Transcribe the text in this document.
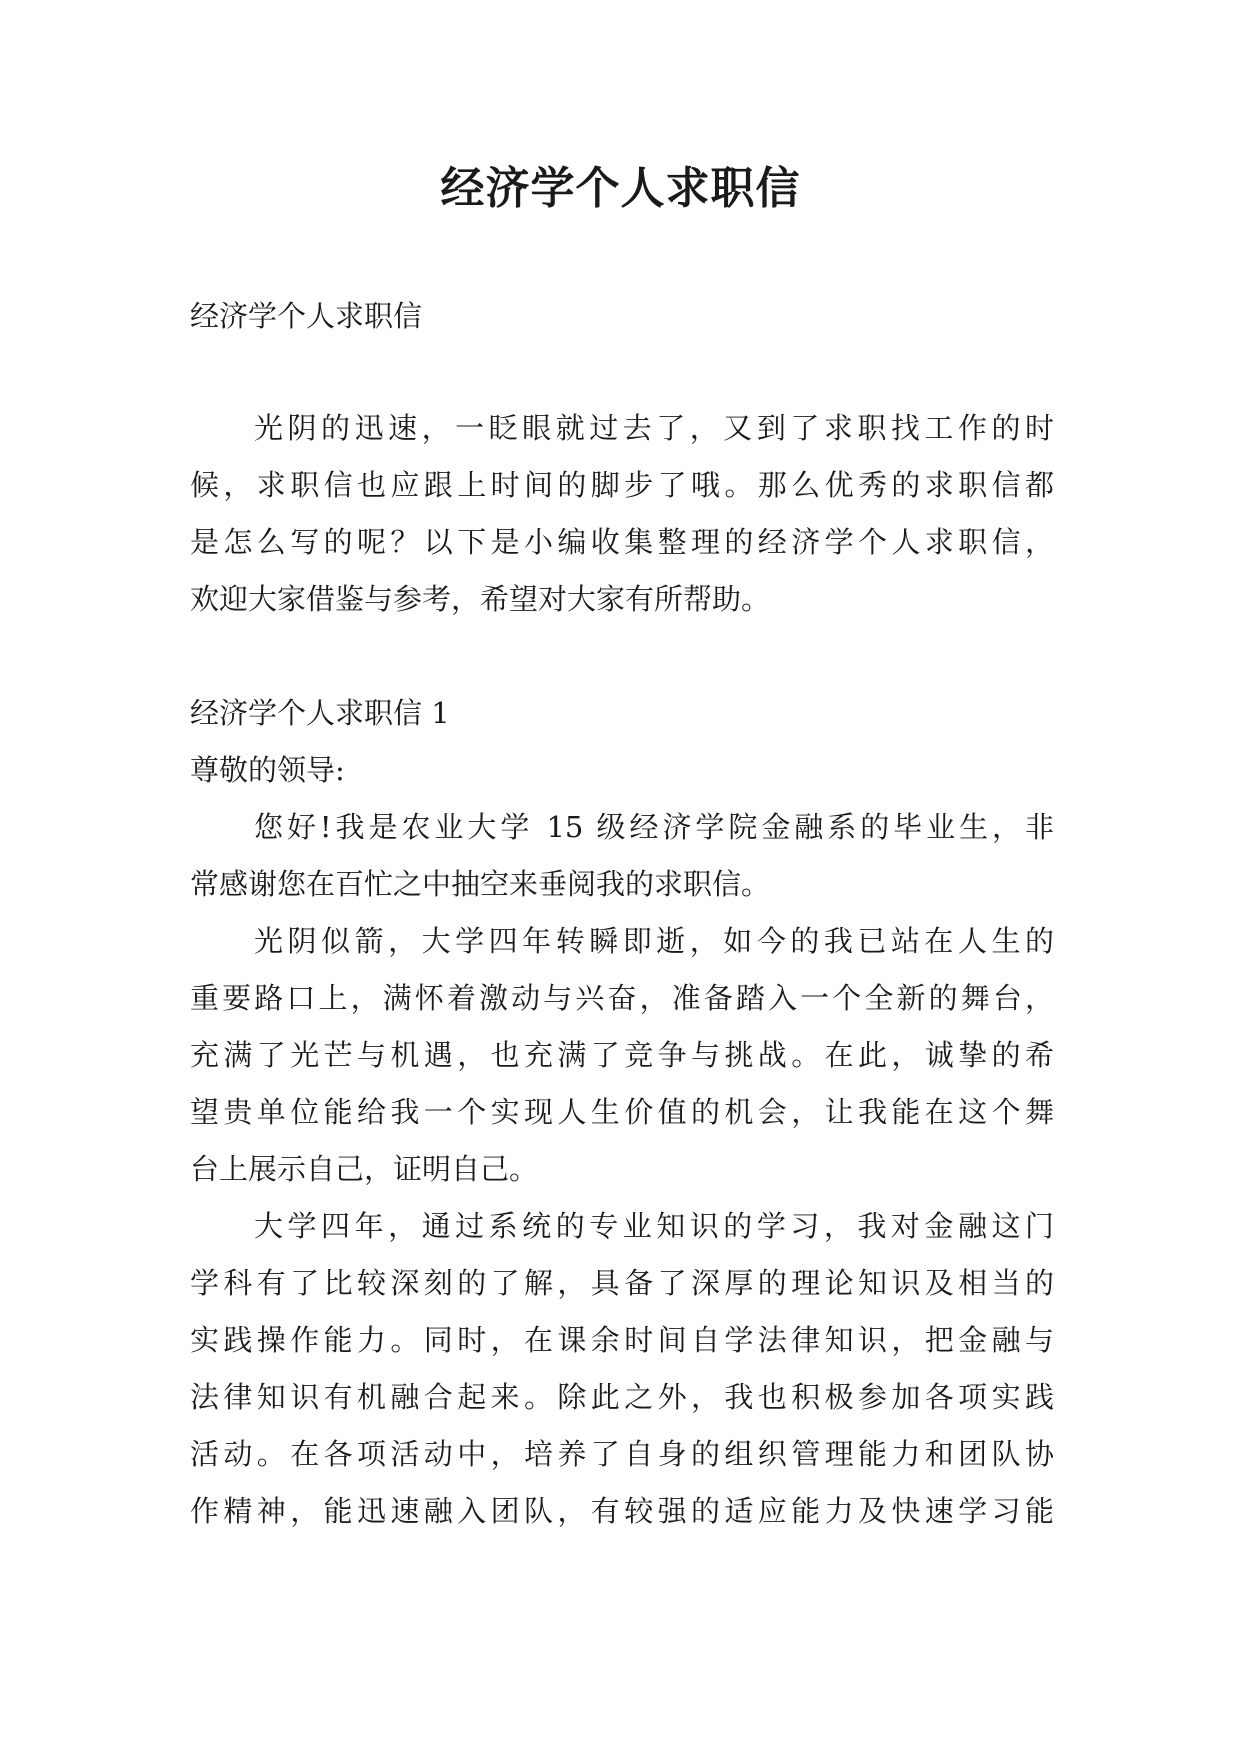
经济学个人求职信

经济学个人求职信

光阴的迅速，一眨眼就过去了，又到了求职找工作的时

候，求职信也应跟上时间的脚步了哦。那么优秀的求职信都

是怎么写的呢？以下是小编收集整理的经济学个人求职信，

欢迎大家借鉴与参考，希望对大家有所帮助。

经济学个人求职信 1

尊敬的领导:

您好!我是农业大学 15 级经济学院金融系的毕业生，非

常感谢您在百忙之中抽空来垂阅我的求职信。

光阴似箭，大学四年转瞬即逝，如今的我已站在人生的

重要路口上，满怀着激动与兴奋，准备踏入一个全新的舞台，

充满了光芒与机遇，也充满了竞争与挑战。在此，诚挚的希

望贵单位能给我一个实现人生价值的机会，让我能在这个舞

台上展示自己，证明自己。

大学四年，通过系统的专业知识的学习，我对金融这门

学科有了比较深刻的了解，具备了深厚的理论知识及相当的

实践操作能力。同时，在课余时间自学法律知识，把金融与

法律知识有机融合起来。除此之外，我也积极参加各项实践

活动。在各项活动中，培养了自身的组织管理能力和团队协

作精神，能迅速融入团队，有较强的适应能力及快速学习能
